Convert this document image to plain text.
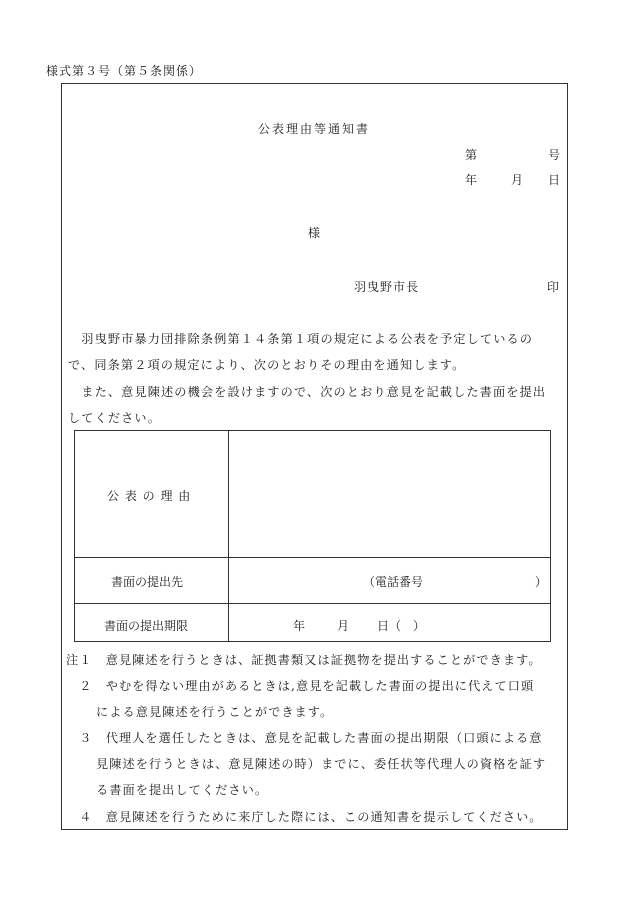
様式第３号（第５条関係）
公表理由等通知書
第	号
年	月 日
様
羽曳野市長	印
　羽曳野市暴力団排除条例第１４条第１項の規定による公表を予定しているの
で、同条第２項の規定により、次のとおりその理由を通知します。
　また、意見陳述の機会を設けますので、次のとおり意見を記載した書面を提出
してください。
公 表 の 理 由
書面の提出先	（電話番号	）
書面の提出期限	年	月 日（　）
注１　意見陳述を行うときは、証拠書類又は証拠物を提出することができます。
　２　やむを得ない理由があるときは,意見を記載した書面の提出に代えて口頭
による意見陳述を行うことができます。
　３　代理人を選任したときは、意見を記載した書面の提出期限（口頭による意
見陳述を行うときは、意見陳述の時）までに、委任状等代理人の資格を証す
る書面を提出してください。
　４　意見陳述を行うために来庁した際には、この通知書を提示してください。
